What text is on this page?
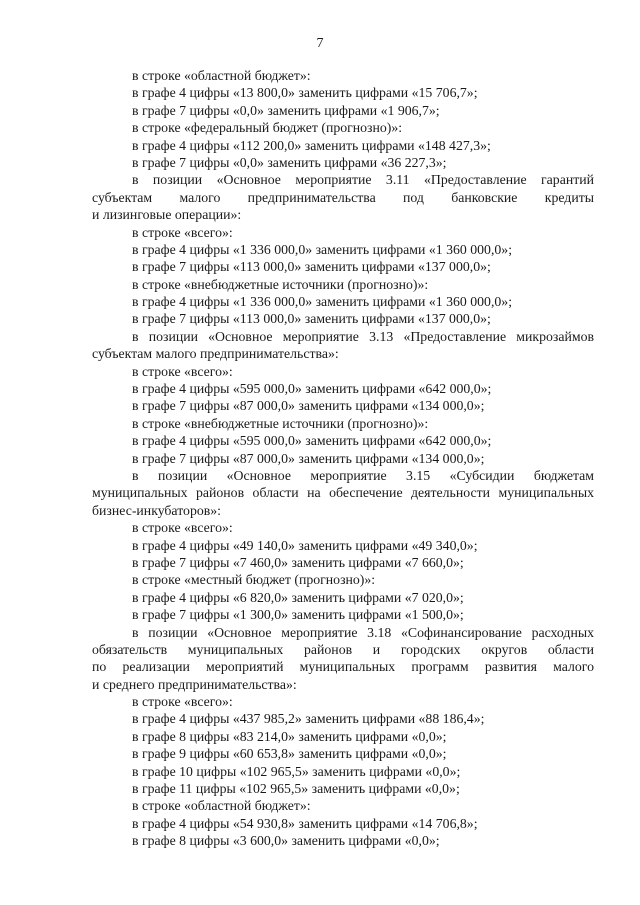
7
в строке «областной бюджет»:
в графе 4 цифры «13 800,0» заменить цифрами «15 706,7»;
в графе 7 цифры «0,0» заменить цифрами «1 906,7»;
в строке «федеральный бюджет (прогнозно)»:
в графе 4 цифры «112 200,0» заменить цифрами «148 427,3»;
в графе 7 цифры «0,0» заменить цифрами «36 227,3»;
в позиции «Основное мероприятие 3.11 «Предоставление гарантий
субъектам малого предпринимательства под банковские кредиты
и лизинговые операции»:
в строке «всего»:
в графе 4 цифры «1 336 000,0» заменить цифрами «1 360 000,0»;
в графе 7 цифры «113 000,0» заменить цифрами «137 000,0»;
в строке «внебюджетные источники (прогнозно)»:
в графе 4 цифры «1 336 000,0» заменить цифрами «1 360 000,0»;
в графе 7 цифры «113 000,0» заменить цифрами «137 000,0»;
в позиции «Основное мероприятие 3.13 «Предоставление микрозаймов
субъектам малого предпринимательства»:
в строке «всего»:
в графе 4 цифры «595 000,0» заменить цифрами «642 000,0»;
в графе 7 цифры «87 000,0» заменить цифрами «134 000,0»;
в строке «внебюджетные источники (прогнозно)»:
в графе 4 цифры «595 000,0» заменить цифрами «642 000,0»;
в графе 7 цифры «87 000,0» заменить цифрами «134 000,0»;
в позиции «Основное мероприятие 3.15 «Субсидии бюджетам
муниципальных районов области на обеспечение деятельности муниципальных
бизнес-инкубаторов»:
в строке «всего»:
в графе 4 цифры «49 140,0» заменить цифрами «49 340,0»;
в графе 7 цифры «7 460,0» заменить цифрами «7 660,0»;
в строке «местный бюджет (прогнозно)»:
в графе 4 цифры «6 820,0» заменить цифрами «7 020,0»;
в графе 7 цифры «1 300,0» заменить цифрами «1 500,0»;
в позиции «Основное мероприятие 3.18 «Софинансирование расходных
обязательств муниципальных районов и городских округов области
по реализации мероприятий муниципальных программ развития малого
и среднего предпринимательства»:
в строке «всего»:
в графе 4 цифры «437 985,2» заменить цифрами «88 186,4»;
в графе 8 цифры «83 214,0» заменить цифрами «0,0»;
в графе 9 цифры «60 653,8» заменить цифрами «0,0»;
в графе 10 цифры «102 965,5» заменить цифрами «0,0»;
в графе 11 цифры «102 965,5» заменить цифрами «0,0»;
в строке «областной бюджет»:
в графе 4 цифры «54 930,8» заменить цифрами «14 706,8»;
в графе 8 цифры «3 600,0» заменить цифрами «0,0»;
